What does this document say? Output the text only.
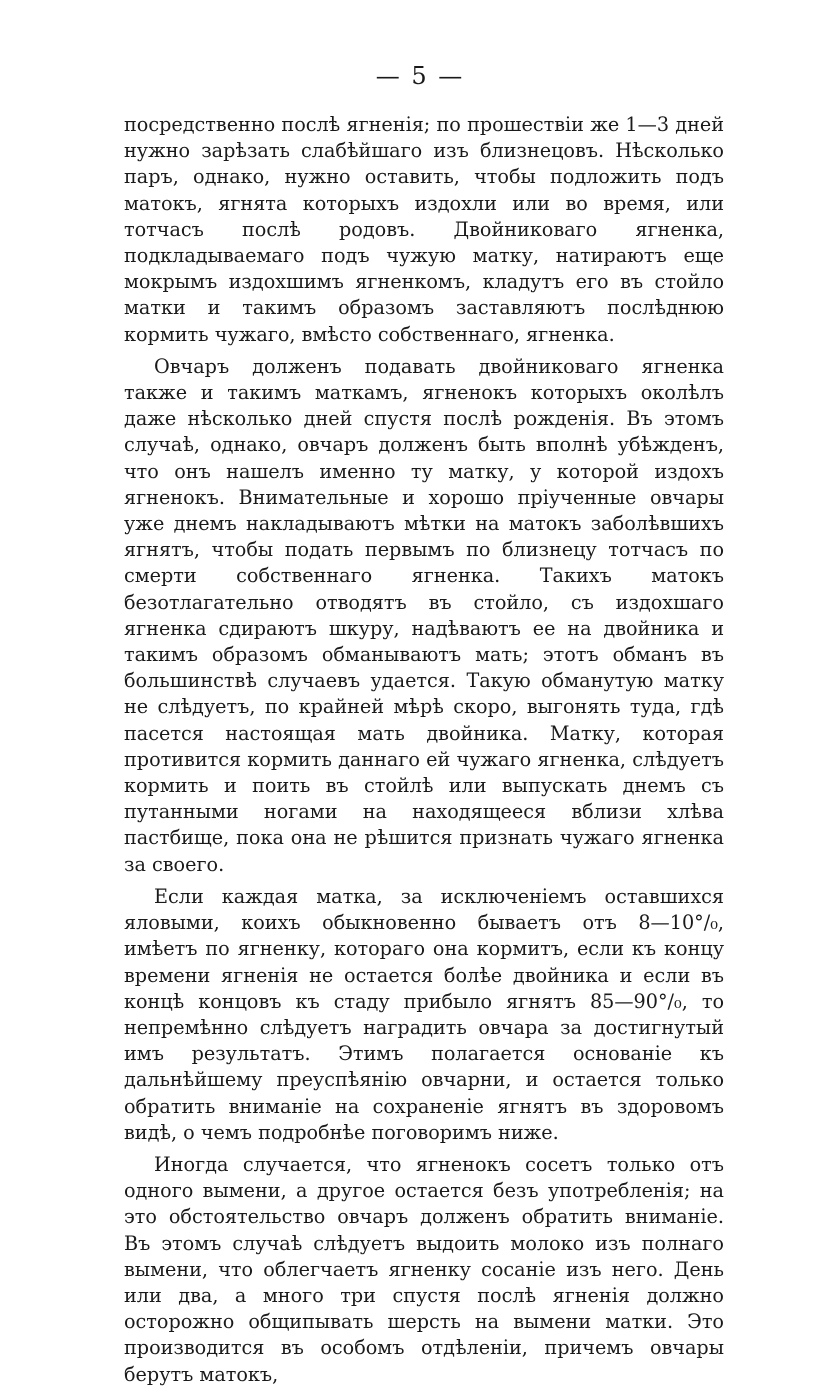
— 5 —

посредственно послѣ ягненія; по прошествіи же 1—3 дней нужно зарѣзать слабѣйшаго изъ близнецовъ. Нѣсколько паръ, однако, нужно оставить, чтобы подложить подъ матокъ, ягнята которыхъ издохли или во время, или тотчасъ послѣ родовъ. Двойниковаго ягненка, подкладываемаго подъ чужую матку, натираютъ еще мокрымъ издохшимъ ягненкомъ, кладутъ его въ стойло матки и такимъ образомъ заставляютъ послѣднюю кормить чужаго, вмѣсто собственнаго, ягненка.

Овчаръ долженъ подавать двойниковаго ягненка также и такимъ маткамъ, ягненокъ которыхъ околѣлъ даже нѣсколько дней спустя послѣ рожденія. Въ этомъ случаѣ, однако, овчаръ долженъ быть вполнѣ убѣжденъ, что онъ нашелъ именно ту матку, у которой издохъ ягненокъ. Внимательные и хорошо пріученные овчары уже днемъ накладываютъ мѣтки на матокъ заболѣвшихъ ягнятъ, чтобы подать первымъ по близнецу тотчасъ по смерти собственнаго ягненка. Такихъ матокъ безотлагательно отводятъ въ стойло, съ издохшаго ягненка сдираютъ шкуру, надѣваютъ ее на двойника и такимъ образомъ обманываютъ мать; этотъ обманъ въ большинствѣ случаевъ удается. Такую обманутую матку не слѣдуетъ, по крайней мѣрѣ скоро, выгонять туда, гдѣ пасется настоящая мать двойника. Матку, которая противится кормить даннаго ей чужаго ягненка, слѣдуетъ кормить и поить въ стойлѣ или выпускать днемъ съ путанными ногами на находящееся вблизи хлѣва пастбище, пока она не рѣшится признать чужаго ягненка за своего.

Если каждая матка, за исключеніемъ оставшихся яловыми, коихъ обыкновенно бываетъ отъ 8—10°/₀, имѣетъ по ягненку, котораго она кормитъ, если къ концу времени ягненія не остается болѣе двойника и если въ концѣ концовъ къ стаду прибыло ягнятъ 85—90°/₀, то непремѣнно слѣдуетъ наградить овчара за достигнутый имъ результатъ. Этимъ полагается основаніе къ дальнѣйшему преуспѣянію овчарни, и остается только обратить вниманіе на сохраненіе ягнятъ въ здоровомъ видѣ, о чемъ подробнѣе поговоримъ ниже.

Иногда случается, что ягненокъ сосетъ только отъ одного вымени, а другое остается безъ употребленія; на это обстоятельство овчаръ долженъ обратить вниманіе. Въ этомъ случаѣ слѣдуетъ выдоить молоко изъ полнаго вымени, что облегчаетъ ягненку сосаніе изъ него. День или два, а много три спустя послѣ ягненія должно осторожно общипывать шерсть на вымени матки. Это производится въ особомъ отдѣленіи, причемъ овчары берутъ матокъ,
